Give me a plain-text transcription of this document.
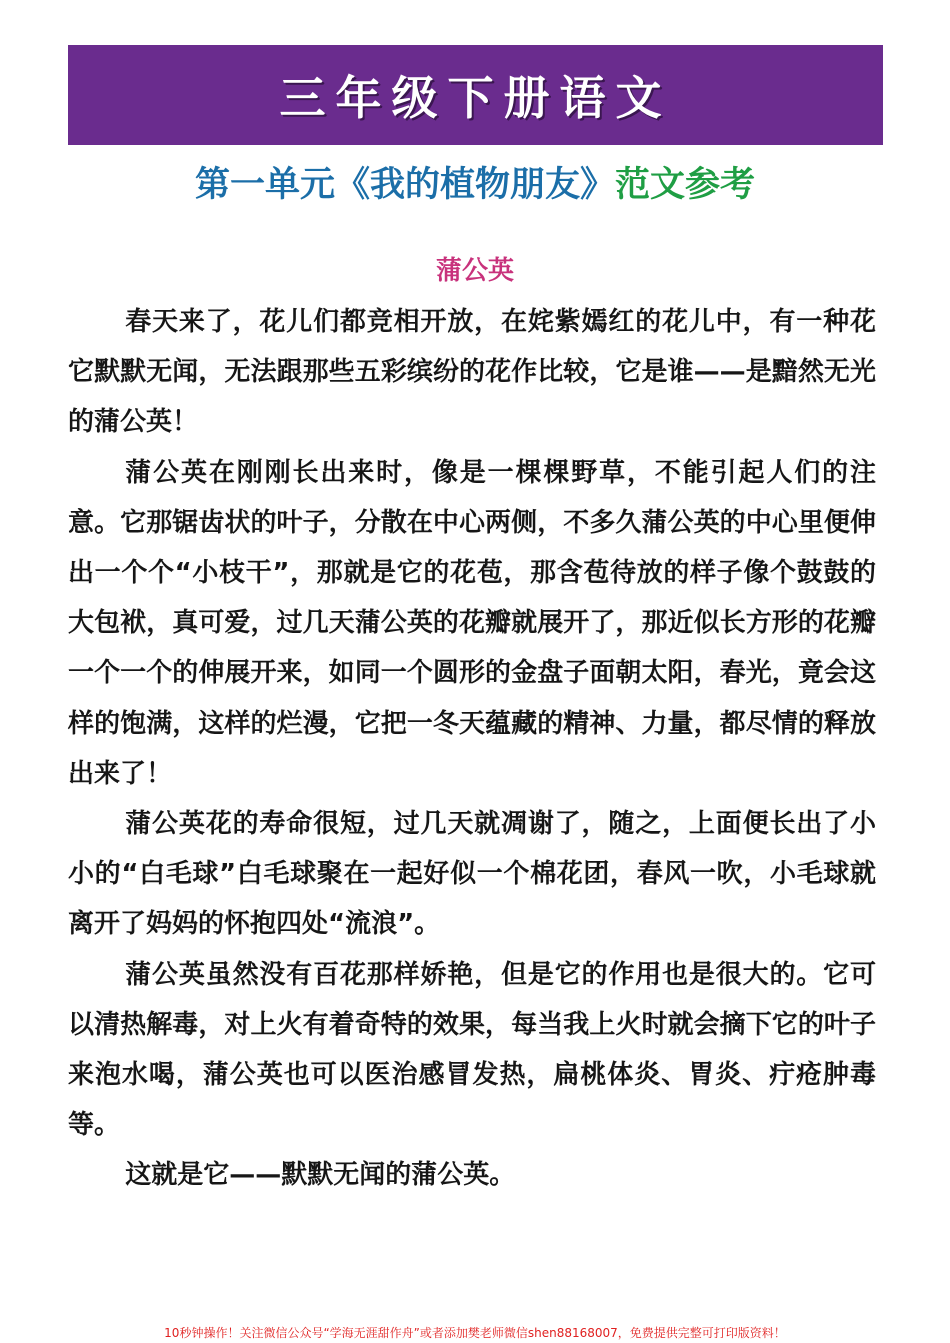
三年级下册语文
第一单元《我的植物朋友》范文参考
蒲公英

春天来了，花儿们都竞相开放，在姹紫嫣红的花儿中，有一种花它默默无闻，无法跟那些五彩缤纷的花作比较，它是谁——是黯然无光的蒲公英！

蒲公英在刚刚长出来时，像是一棵棵野草，不能引起人们的注意。它那锯齿状的叶子，分散在中心两侧，不多久蒲公英的中心里便伸出一个个“小枝干”，那就是它的花苞，那含苞待放的样子像个鼓鼓的大包袱，真可爱，过几天蒲公英的花瓣就展开了，那近似长方形的花瓣一个一个的伸展开来，如同一个圆形的金盘子面朝太阳，春光，竟会这样的饱满，这样的烂漫，它把一冬天蕴藏的精神、力量，都尽情的释放出来了！

蒲公英花的寿命很短，过几天就凋谢了，随之，上面便长出了小小的“白毛球”白毛球聚在一起好似一个棉花团，春风一吹，小毛球就离开了妈妈的怀抱四处“流浪”。

蒲公英虽然没有百花那样娇艳，但是它的作用也是很大的。它可以清热解毒，对上火有着奇特的效果，每当我上火时就会摘下它的叶子来泡水喝，蒲公英也可以医治感冒发热，扁桃体炎、胃炎、疔疮肿毒等。

这就是它——默默无闻的蒲公英。

10秒钟操作！关注微信公众号“学海无涯甜作舟”或者添加樊老师微信shen88168007，免费提供完整可打印版资料！
